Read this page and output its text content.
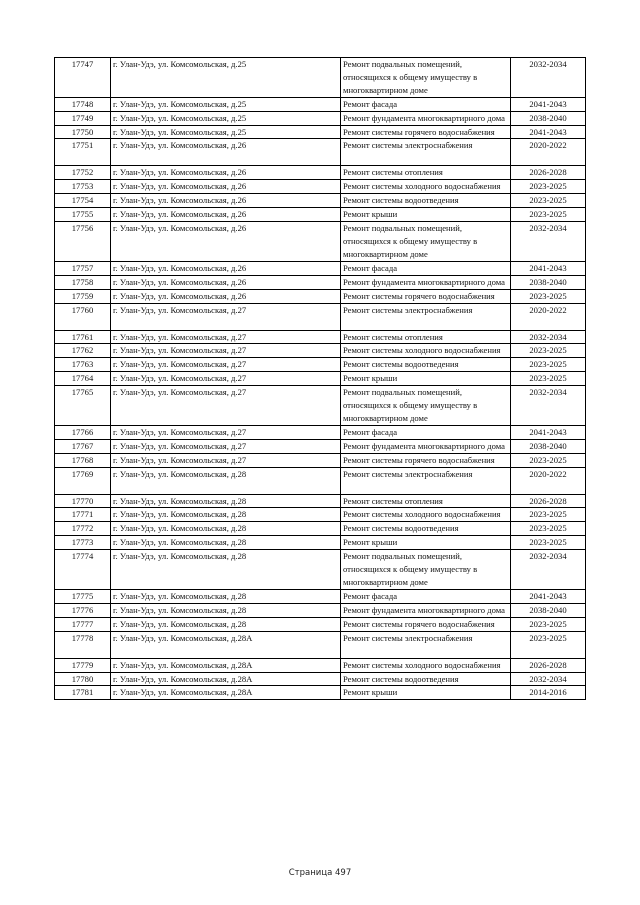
17747	г. Улан-Удэ, ул. Комсомольская, д.25	Ремонт подвальных помещений, относящихся к общему имуществу в многоквартирном доме	2032-2034
17748	г. Улан-Удэ, ул. Комсомольская, д.25	Ремонт фасада	2041-2043
17749	г. Улан-Удэ, ул. Комсомольская, д.25	Ремонт фундамента многоквартирного дома	2038-2040
17750	г. Улан-Удэ, ул. Комсомольская, д.25	Ремонт системы горячего водоснабжения	2041-2043
17751	г. Улан-Удэ, ул. Комсомольская, д.26	Ремонт системы электроснабжения	2020-2022
17752	г. Улан-Удэ, ул. Комсомольская, д.26	Ремонт системы отопления	2026-2028
17753	г. Улан-Удэ, ул. Комсомольская, д.26	Ремонт системы холодного водоснабжения	2023-2025
17754	г. Улан-Удэ, ул. Комсомольская, д.26	Ремонт системы водоотведения	2023-2025
17755	г. Улан-Удэ, ул. Комсомольская, д.26	Ремонт крыши	2023-2025
17756	г. Улан-Удэ, ул. Комсомольская, д.26	Ремонт подвальных помещений, относящихся к общему имуществу в многоквартирном доме	2032-2034
17757	г. Улан-Удэ, ул. Комсомольская, д.26	Ремонт фасада	2041-2043
17758	г. Улан-Удэ, ул. Комсомольская, д.26	Ремонт фундамента многоквартирного дома	2038-2040
17759	г. Улан-Удэ, ул. Комсомольская, д.26	Ремонт системы горячего водоснабжения	2023-2025
17760	г. Улан-Удэ, ул. Комсомольская, д.27	Ремонт системы электроснабжения	2020-2022
17761	г. Улан-Удэ, ул. Комсомольская, д.27	Ремонт системы отопления	2032-2034
17762	г. Улан-Удэ, ул. Комсомольская, д.27	Ремонт системы холодного водоснабжения	2023-2025
17763	г. Улан-Удэ, ул. Комсомольская, д.27	Ремонт системы водоотведения	2023-2025
17764	г. Улан-Удэ, ул. Комсомольская, д.27	Ремонт крыши	2023-2025
17765	г. Улан-Удэ, ул. Комсомольская, д.27	Ремонт подвальных помещений, относящихся к общему имуществу в многоквартирном доме	2032-2034
17766	г. Улан-Удэ, ул. Комсомольская, д.27	Ремонт фасада	2041-2043
17767	г. Улан-Удэ, ул. Комсомольская, д.27	Ремонт фундамента многоквартирного дома	2038-2040
17768	г. Улан-Удэ, ул. Комсомольская, д.27	Ремонт системы горячего водоснабжения	2023-2025
17769	г. Улан-Удэ, ул. Комсомольская, д.28	Ремонт системы электроснабжения	2020-2022
17770	г. Улан-Удэ, ул. Комсомольская, д.28	Ремонт системы отопления	2026-2028
17771	г. Улан-Удэ, ул. Комсомольская, д.28	Ремонт системы холодного водоснабжения	2023-2025
17772	г. Улан-Удэ, ул. Комсомольская, д.28	Ремонт системы водоотведения	2023-2025
17773	г. Улан-Удэ, ул. Комсомольская, д.28	Ремонт крыши	2023-2025
17774	г. Улан-Удэ, ул. Комсомольская, д.28	Ремонт подвальных помещений, относящихся к общему имуществу в многоквартирном доме	2032-2034
17775	г. Улан-Удэ, ул. Комсомольская, д.28	Ремонт фасада	2041-2043
17776	г. Улан-Удэ, ул. Комсомольская, д.28	Ремонт фундамента многоквартирного дома	2038-2040
17777	г. Улан-Удэ, ул. Комсомольская, д.28	Ремонт системы горячего водоснабжения	2023-2025
17778	г. Улан-Удэ, ул. Комсомольская, д.28А	Ремонт системы электроснабжения	2023-2025
17779	г. Улан-Удэ, ул. Комсомольская, д.28А	Ремонт системы холодного водоснабжения	2026-2028
17780	г. Улан-Удэ, ул. Комсомольская, д.28А	Ремонт системы водоотведения	2032-2034
17781	г. Улан-Удэ, ул. Комсомольская, д.28А	Ремонт крыши	2014-2016
Страница 497
